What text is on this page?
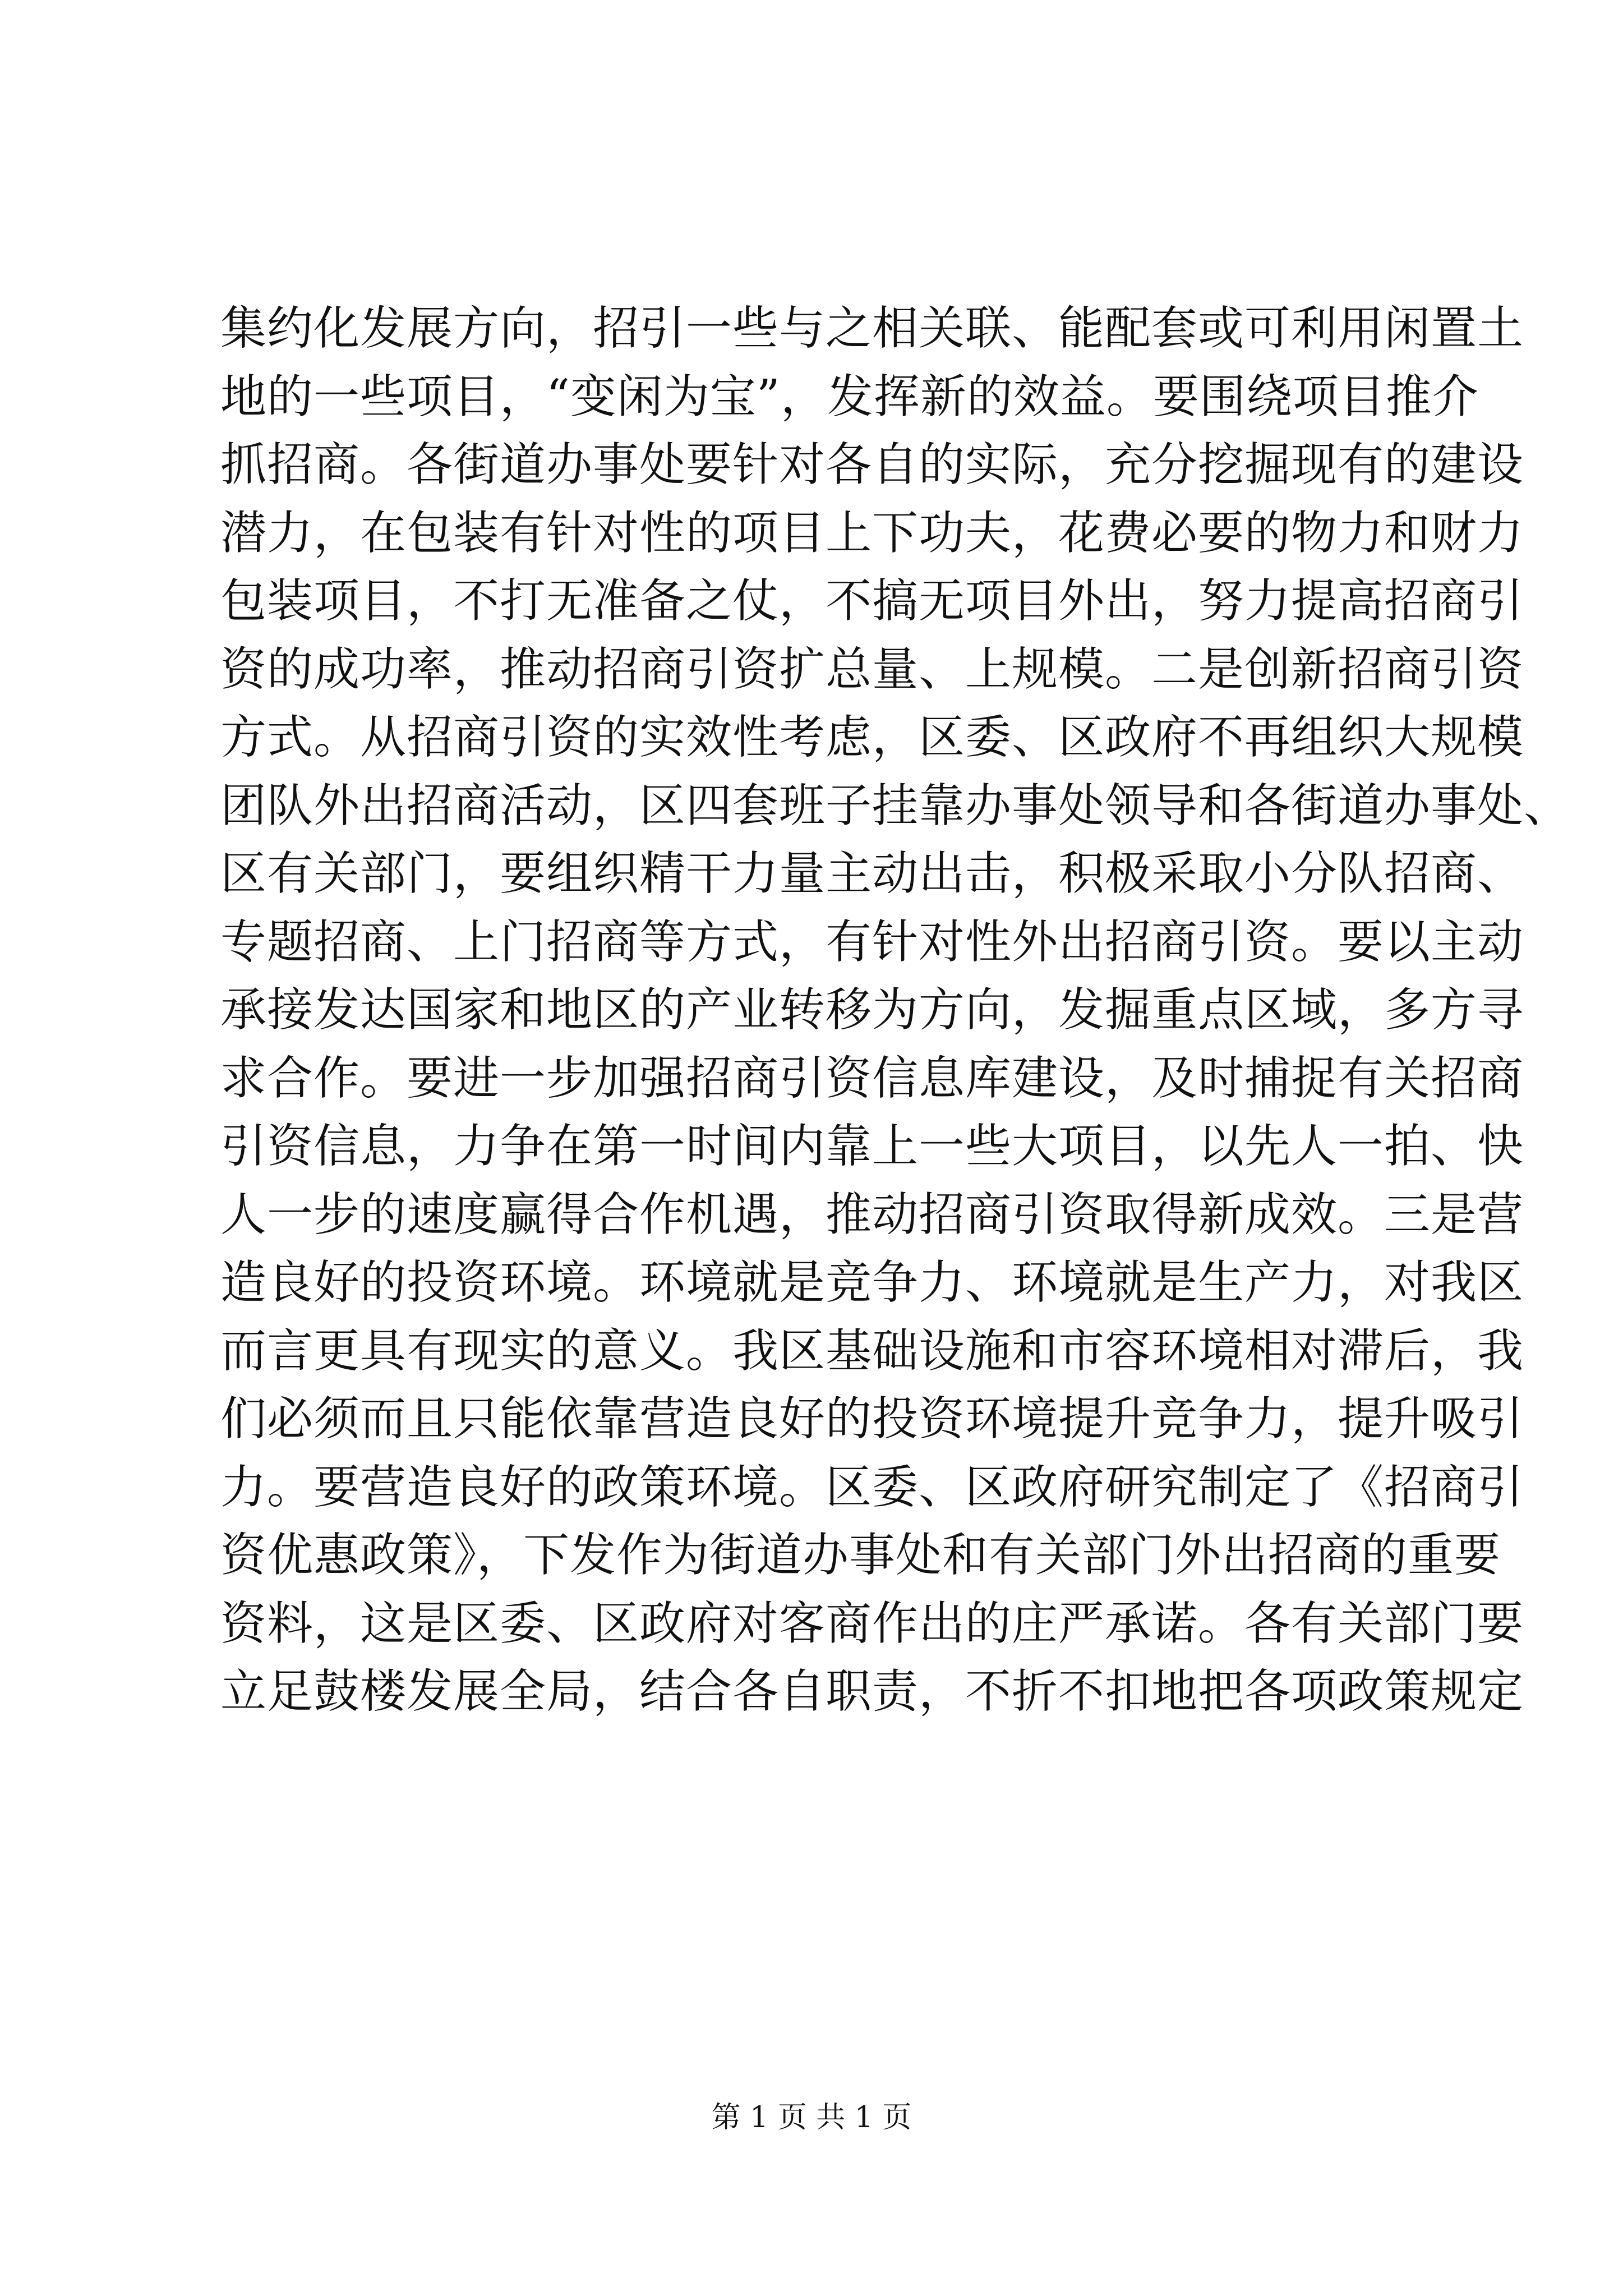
集约化发展方向，招引一些与之相关联、能配套或可利用闲置土
地的一些项目，“变闲为宝”，发挥新的效益。要围绕项目推介
抓招商。各街道办事处要针对各自的实际，充分挖掘现有的建设
潜力，在包装有针对性的项目上下功夫，花费必要的物力和财力
包装项目，不打无准备之仗，不搞无项目外出，努力提高招商引
资的成功率，推动招商引资扩总量、上规模。二是创新招商引资
方式。从招商引资的实效性考虑，区委、区政府不再组织大规模
团队外出招商活动，区四套班子挂靠办事处领导和各街道办事处、
区有关部门，要组织精干力量主动出击，积极采取小分队招商、
专题招商、上门招商等方式，有针对性外出招商引资。要以主动
承接发达国家和地区的产业转移为方向，发掘重点区域，多方寻
求合作。要进一步加强招商引资信息库建设，及时捕捉有关招商
引资信息，力争在第一时间内靠上一些大项目，以先人一拍、快
人一步的速度赢得合作机遇，推动招商引资取得新成效。三是营
造良好的投资环境。环境就是竞争力、环境就是生产力，对我区
而言更具有现实的意义。我区基础设施和市容环境相对滞后，我
们必须而且只能依靠营造良好的投资环境提升竞争力，提升吸引
力。要营造良好的政策环境。区委、区政府研究制定了《招商引
资优惠政策》，下发作为街道办事处和有关部门外出招商的重要
资料，这是区委、区政府对客商作出的庄严承诺。各有关部门要
立足鼓楼发展全局，结合各自职责，不折不扣地把各项政策规定
第 1 页 共 1 页
